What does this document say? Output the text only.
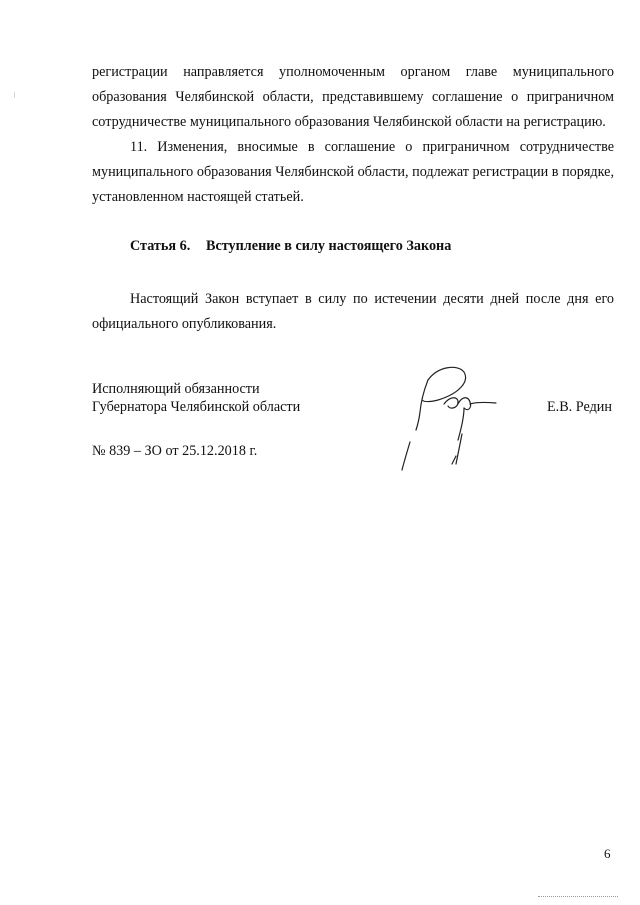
регистрации направляется уполномоченным органом главе муниципального образования Челябинской области, представившему соглашение о приграничном сотрудничестве муниципального образования Челябинской области на регистрацию.

11. Изменения, вносимые в соглашение о приграничном сотрудничестве муниципального образования Челябинской области, подлежат регистрации в порядке, установленном настоящей статьей.

Статья 6. Вступление в силу настоящего Закона

Настоящий Закон вступает в силу по истечении десяти дней после дня его официального опубликования.

Исполняющий обязанности
Губернатора Челябинской области	Е.В. Редин
№ 839 – ЗО от 25.12.2018 г.
6
